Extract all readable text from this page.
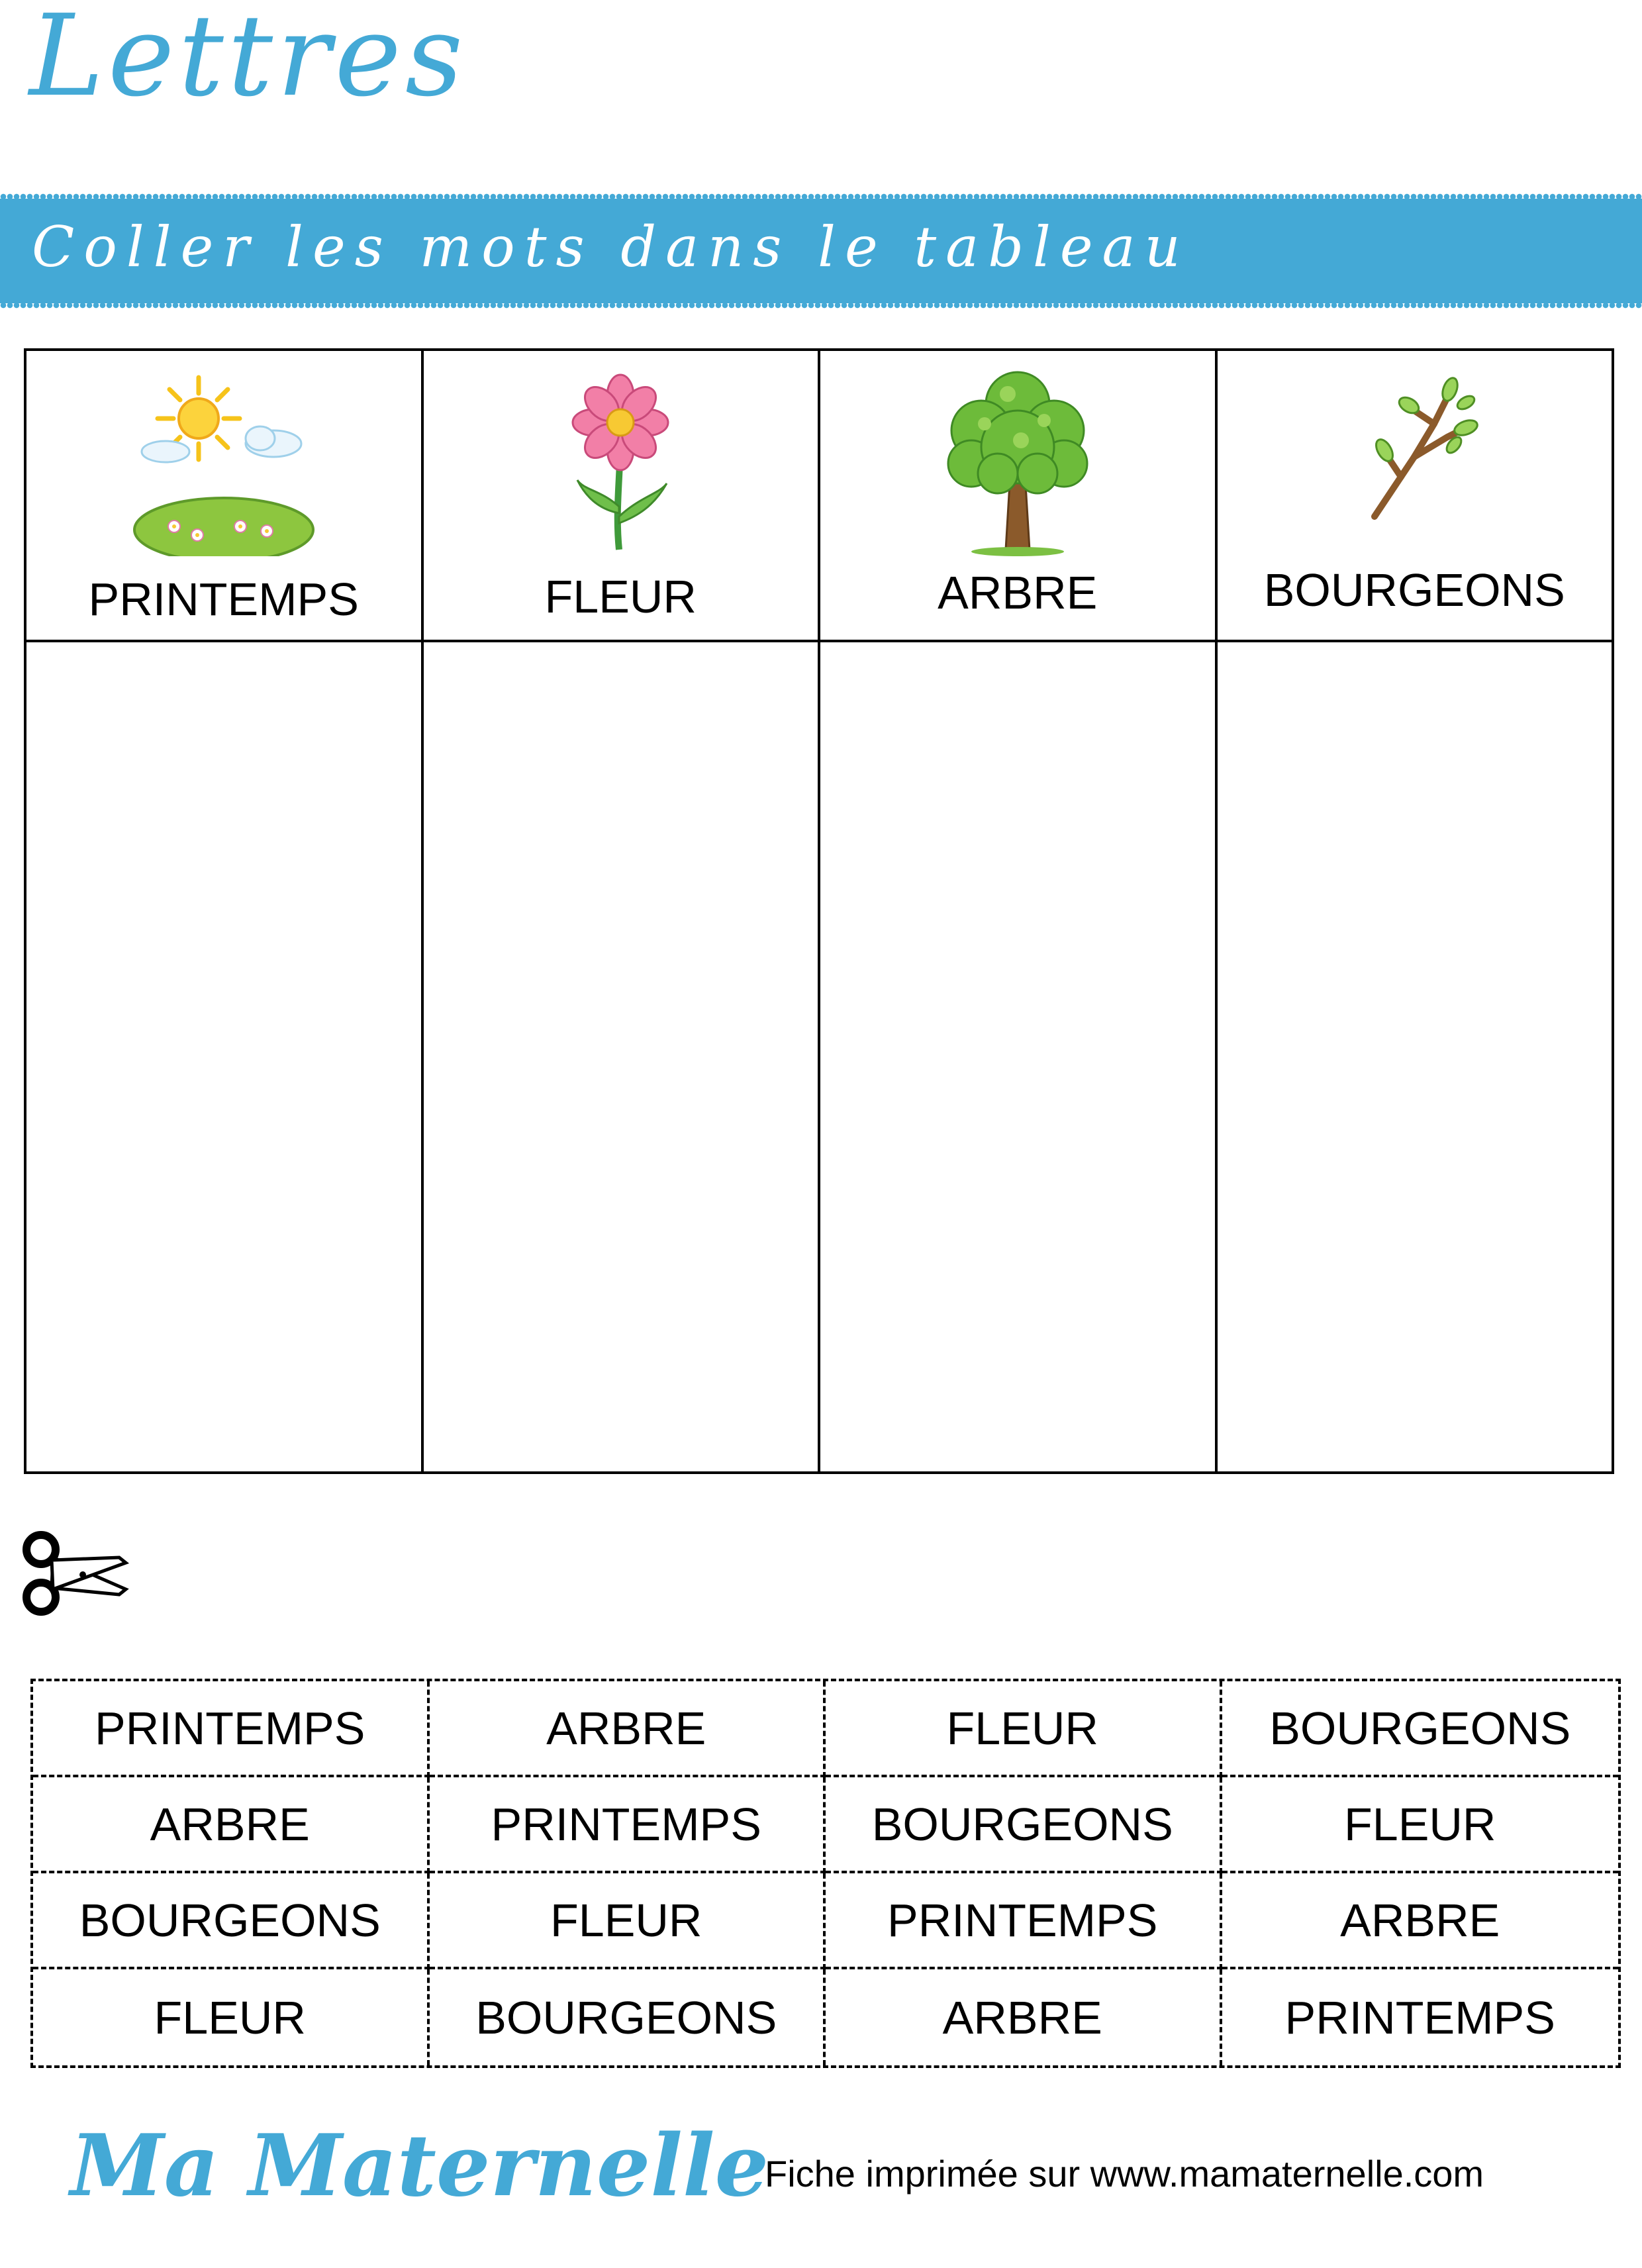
Lettres
Coller les mots dans le tableau
PRINTEMPS	FLEUR	ARBRE	BOURGEONS
PRINTEMPS	ARBRE	FLEUR	BOURGEONS
ARBRE	PRINTEMPS	BOURGEONS	FLEUR
BOURGEONS	FLEUR	PRINTEMPS	ARBRE
FLEUR	BOURGEONS	ARBRE	PRINTEMPS
Ma Maternelle
Fiche imprimée sur www.mamaternelle.com
